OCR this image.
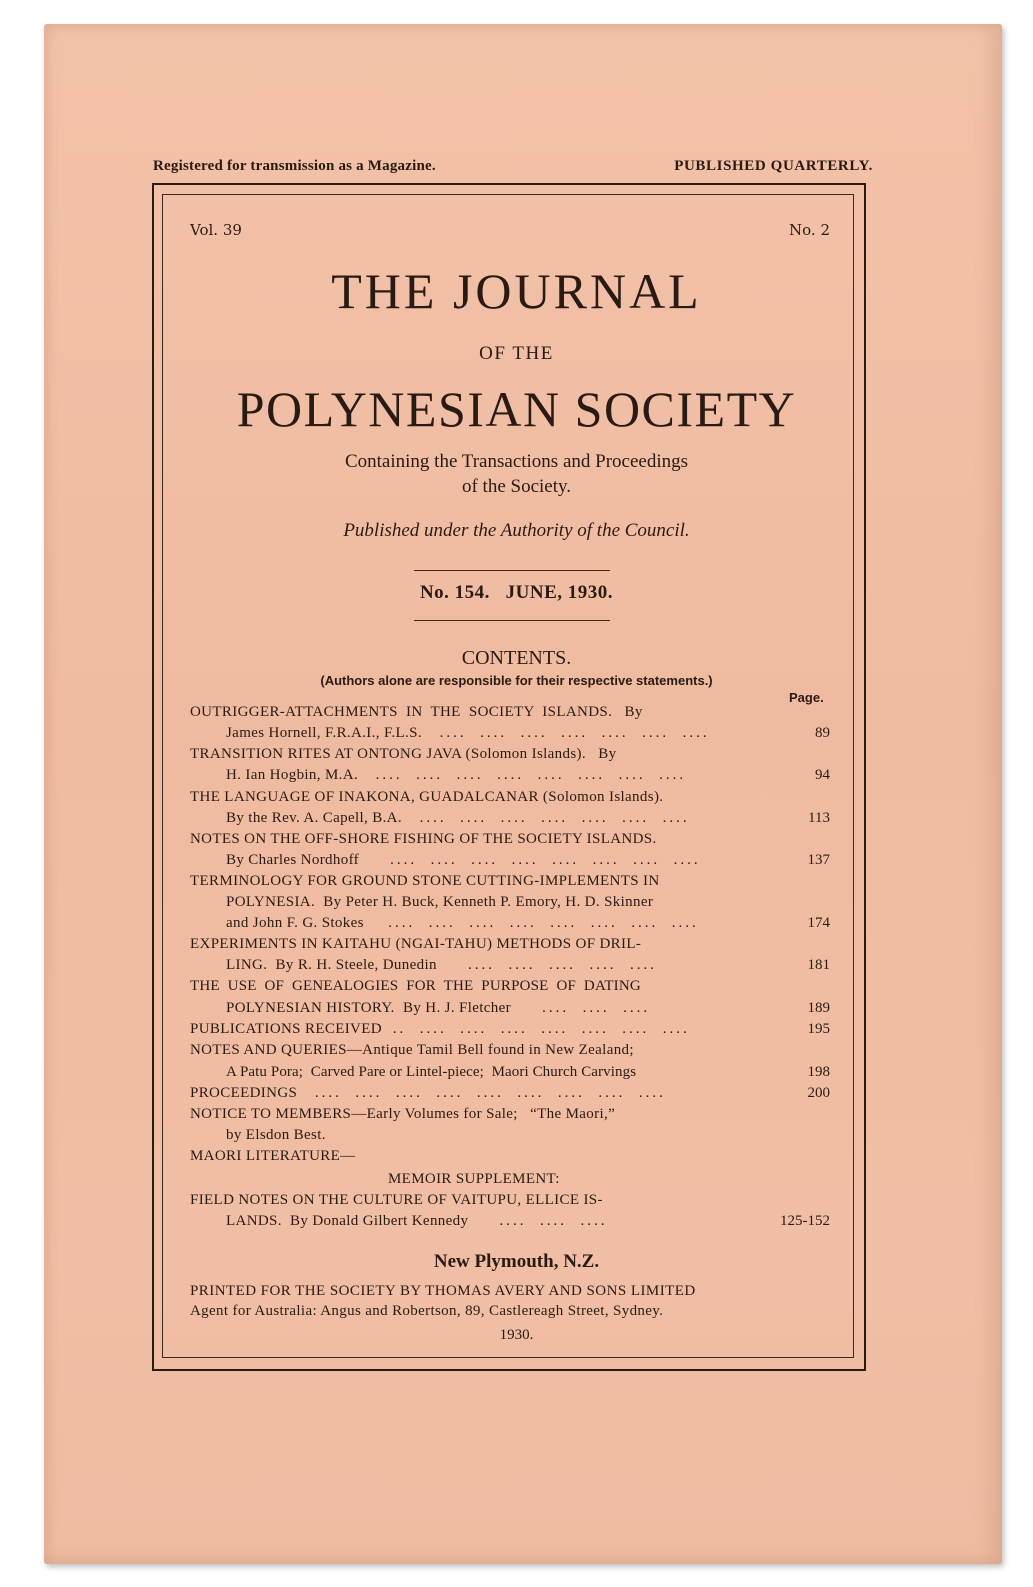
Registered for transmission as a Magazine.	PUBLISHED QUARTERLY.
Vol. 39	No. 2
THE JOURNAL
OF THE
POLYNESIAN SOCIETY
Containing the Transactions and Proceedings
of the Society.
Published under the Authority of the Council.
No. 154.   JUNE, 1930.
CONTENTS.
(Authors alone are responsible for their respective statements.)
Page.
OUTRIGGER-ATTACHMENTS  IN  THE  SOCIETY  ISLANDS.   By
James Hornell, F.R.A.I., F.L.S.   ....  ....  ....  ....  ....  ....  ....	89
TRANSITION RITES AT ONTONG JAVA (Solomon Islands).   By
H. Ian Hogbin, M.A.   ....  ....  ....  ....  ....  ....  ....  ....	94
THE LANGUAGE OF INAKONA, GUADALCANAR (Solomon Islands).
By the Rev. A. Capell, B.A.   ....  ....  ....  ....  ....  ....  ....	113
NOTES ON THE OFF-SHORE FISHING OF THE SOCIETY ISLANDS.
By Charles Nordhoff     ....  ....  ....  ....  ....  ....  ....  ....	137
TERMINOLOGY FOR GROUND STONE CUTTING-IMPLEMENTS IN
POLYNESIA.  By Peter H. Buck, Kenneth P. Emory, H. D. Skinner
and John F. G. Stokes    ....  ....  ....  ....  ....  ....  ....  ....	174
EXPERIMENTS IN KAITAHU (NGAI-TAHU) METHODS OF DRIL-
LING.  By R. H. Steele, Dunedin     ....  ....  ....  ....  ....	181
THE  USE  OF  GENEALOGIES  FOR  THE  PURPOSE  OF  DATING
POLYNESIAN HISTORY.  By H. J. Fletcher     ....  ....  ....	189
PUBLICATIONS RECEIVED  ..  ....  ....  ....  ....  ....  ....  ....	195
NOTES AND QUERIES—Antique Tamil Bell found in New Zealand;
A Patu Pora;  Carved Pare or Lintel-piece;  Maori Church Carvings	198
PROCEEDINGS   ....  ....  ....  ....  ....  ....  ....  ....  ....	200
NOTICE TO MEMBERS—Early Volumes for Sale;   “The Maori,”
by Elsdon Best.
MAORI LITERATURE—
MEMOIR SUPPLEMENT:
FIELD NOTES ON THE CULTURE OF VAITUPU, ELLICE IS-
LANDS.  By Donald Gilbert Kennedy     ....  ....  ....	125-152
New Plymouth, N.Z.
PRINTED FOR THE SOCIETY BY THOMAS AVERY AND SONS LIMITED
Agent for Australia: Angus and Robertson, 89, Castlereagh Street, Sydney.
1930.
